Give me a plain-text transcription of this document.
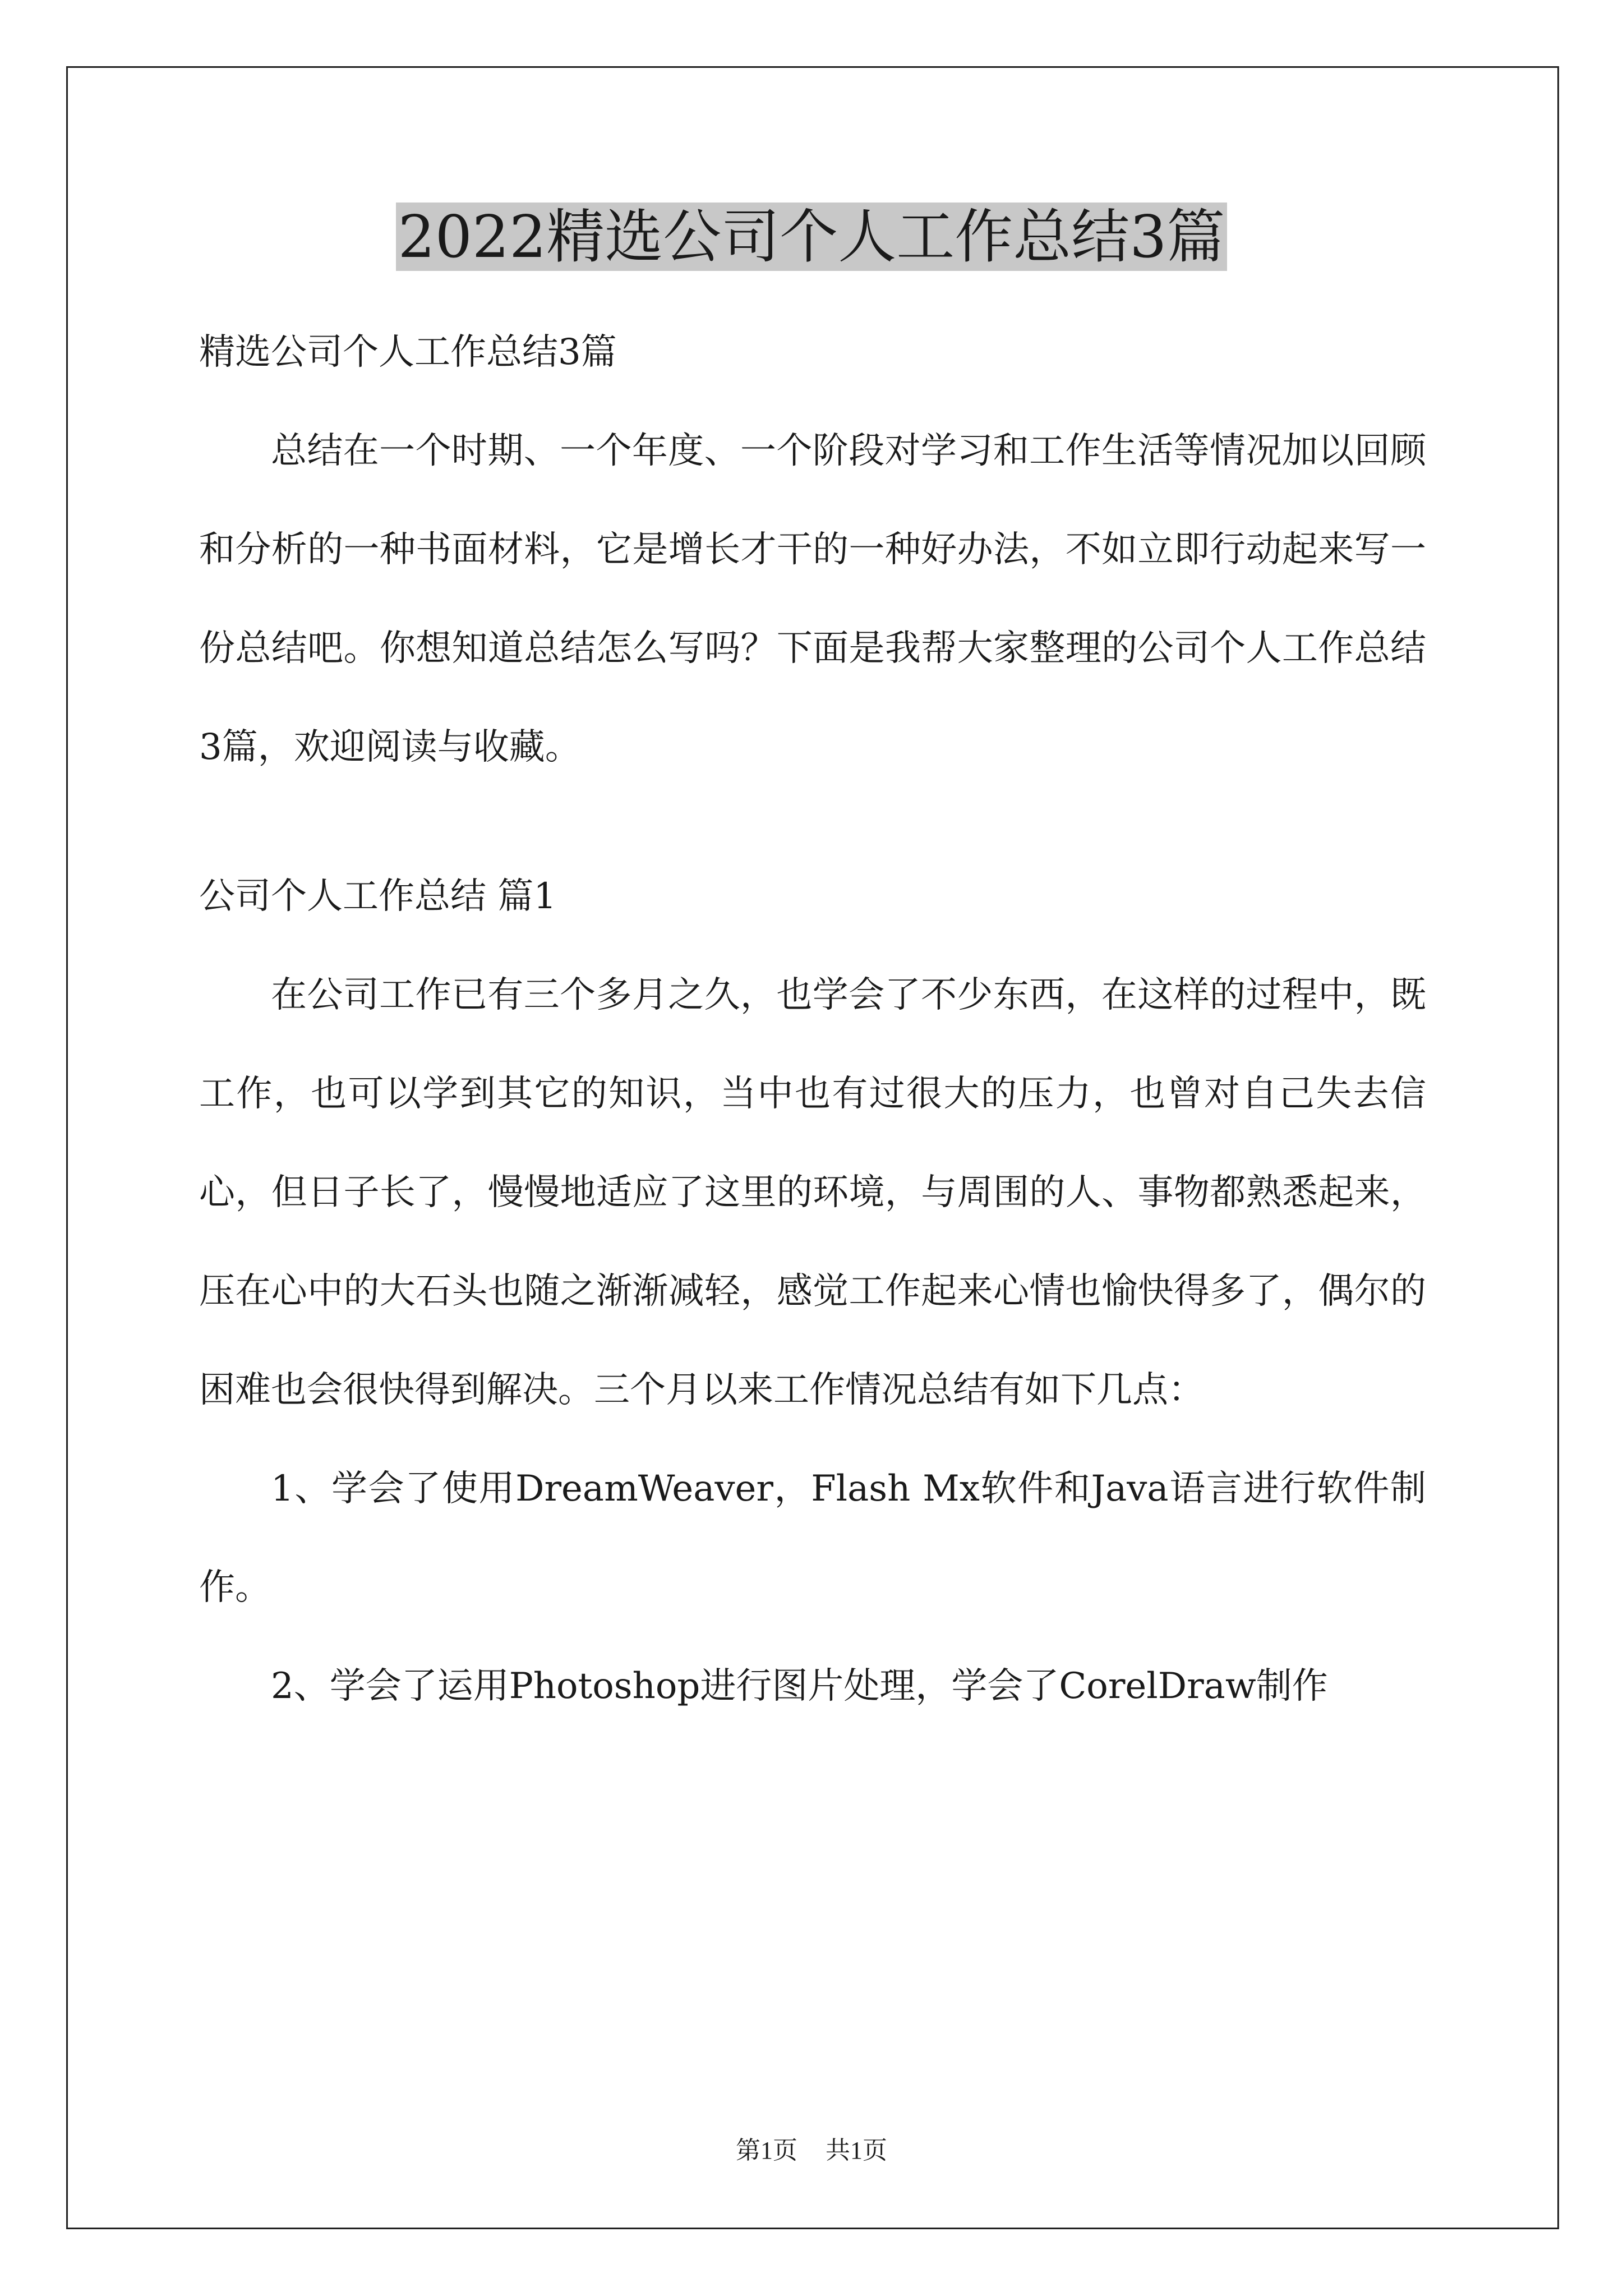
2022精选公司个人工作总结3篇

精选公司个人工作总结3篇

总结在一个时期、一个年度、一个阶段对学习和工作生活等情况加以回顾和分析的一种书面材料，它是增长才干的一种好办法，不如立即行动起来写一份总结吧。你想知道总结怎么写吗？下面是我帮大家整理的公司个人工作总结3篇，欢迎阅读与收藏。

公司个人工作总结 篇1

在公司工作已有三个多月之久，也学会了不少东西，在这样的过程中，既工作，也可以学到其它的知识，当中也有过很大的压力，也曾对自己失去信心，但日子长了，慢慢地适应了这里的环境，与周围的人、事物都熟悉起来，压在心中的大石头也随之渐渐减轻，感觉工作起来心情也愉快得多了，偶尔的困难也会很快得到解决。三个月以来工作情况总结有如下几点：

1、学会了使用DreamWeaver，Flash Mx软件和Java语言进行软件制作。

2、学会了运用Photoshop进行图片处理，学会了CorelDraw制作

第1页 共1页
